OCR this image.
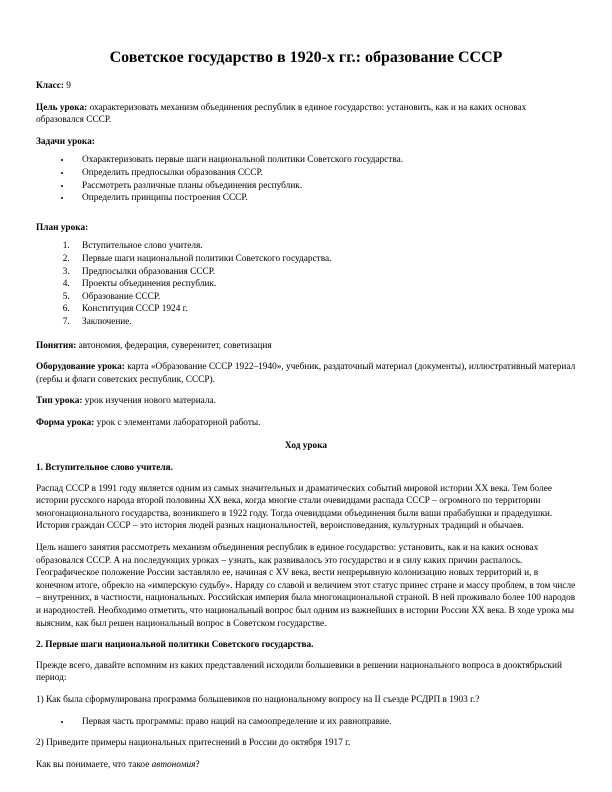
Советское государство в 1920-х гг.: образование СССР

Класс: 9

Цель урока: охарактеризовать механизм объединения республик в единое государство: установить, как и на каких основах образовался СССР.

Задачи урока:

• Охарактеризовать первые шаги национальной политики Советского государства.
• Определить предпосылки образования СССР.
• Рассмотреть различные планы объединения республик.
• Определить принципы построения СССР.

План урока:

1. Вступительное слово учителя.
2. Первые шаги национальной политики Советского государства.
3. Предпосылки образования СССР.
4. Проекты объединения республик.
5. Образование СССР.
6. Конституция СССР 1924 г.
7. Заключение.

Понятия: автономия, федерация, суверенитет, советизация

Оборудование урока: карта «Образование СССР 1922–1940», учебник, раздаточный материал (документы), иллюстративный материал (гербы и флаги советских республик, СССР).

Тип урока: урок изучения нового материала.

Форма урока: урок с элементами лабораторной работы.

Ход урока

1. Вступительное слово учителя.

Распад СССР в 1991 году является одним из самых значительных и драматических событий мировой истории XX века. Тем более истории русского народа второй половины XX века, когда многие стали очевидцами распада СССР – огромного по территории многонационального государства, возникшего в 1922 году. Тогда очевидцами объединения были ваши прабабушки и прадедушки. История граждан СССР – это история людей разных национальностей, вероисповедания, культурных традиций и обычаев.

Цель нашего занятия рассмотреть механизм объединения республик в единое государство: установить, как и на каких основах образовался СССР. А на последующих уроках – узнать, как развивалось это государство и в силу каких причин распалось. Географическое положение России заставляло ее, начиная с XV века, вести непрерывную колонизацию новых территорий и, в конечном итоге, обрекло на «имперскую судьбу». Наряду со славой и величием этот статус принес стране и массу проблем, в том числе – внутренних, в частности, национальных. Российская империя была многонациональной страной. В ней проживало более 100 народов и народностей. Необходимо отметить, что национальный вопрос был одним из важнейших в истории России XX века. В ходе урока мы выясним, как был решен национальный вопрос в Советском государстве.

2. Первые шаги национальной политики Советского государства.

Прежде всего, давайте вспомним из каких представлений исходили большевики в решении национального вопроса в дооктябрьский период:

1) Как была сформулирована программа большевиков по национальному вопросу на II съезде РСДРП в 1903 г.?

• Первая часть программы: право наций на самоопределение и их равноправие.

2) Приведите примеры национальных притеснений в России до октября 1917 г.

Как вы понимаете, что такое автономия?
